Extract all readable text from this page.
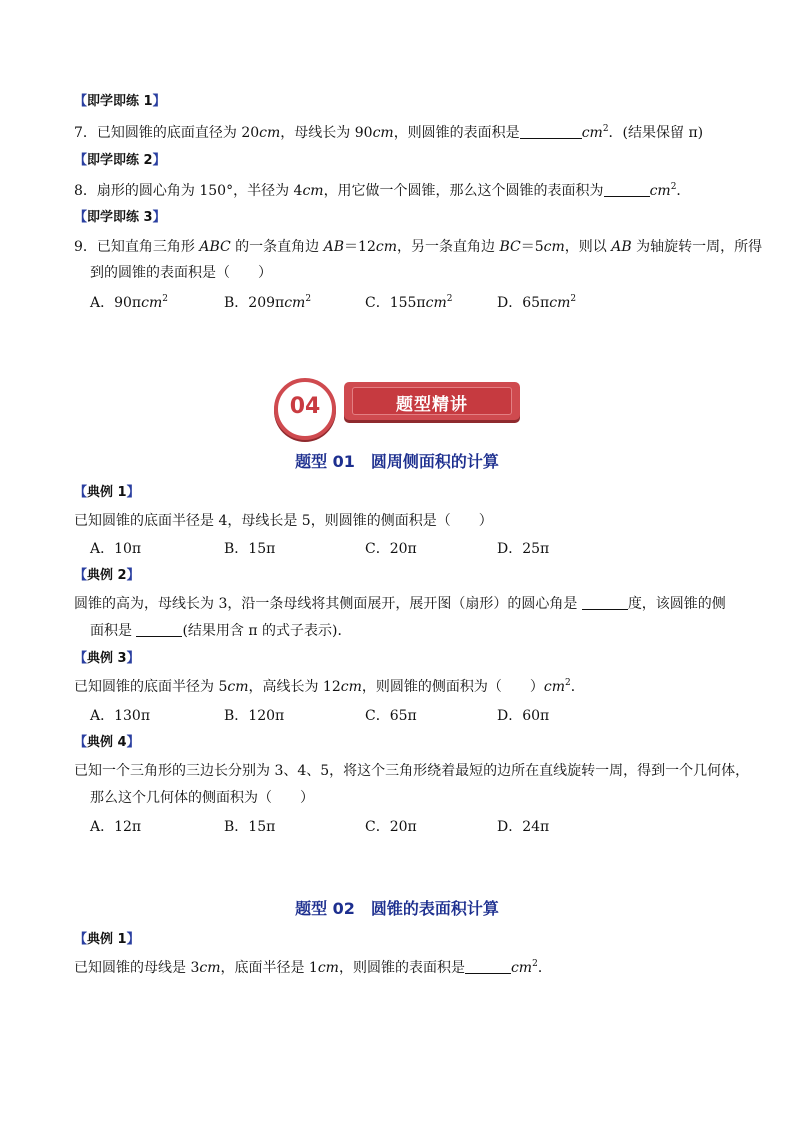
【即学即练 1】
7．已知圆锥的底面直径为 20cm，母线长为 90cm，则圆锥的表面积是	$cm^2$．(结果保留 π)
【即学即练 2】
8．扇形的圆心角为 150°，半径为 4cm，用它做一个圆锥，那么这个圆锥的表面积为	$cm^2$．
【即学即练 3】
9．已知直角三角形 ABC 的一条直角边 AB＝12cm，另一条直角边 BC＝5cm，则以 AB 为轴旋转一周，所得
到的圆锥的表面积是（　　）
A．90πcm$^2$	B．209πcm$^2$	C．155πcm$^2$	D．65πcm$^2$
题型精讲
04
题型 01　圆周侧面积的计算
【典例 1】
已知圆锥的底面半径是 4，母线长是 5，则圆锥的侧面积是（　　）
A．10π	B．15π	C．20π	D．25π
【典例 2】
圆锥的高为，母线长为 3，沿一条母线将其侧面展开，展开图（扇形）的圆心角是	度，该圆锥的侧
面积是	(结果用含 π 的式子表示)．
【典例 3】
已知圆锥的底面半径为 5cm，高线长为 12cm，则圆锥的侧面积为（　　）$cm^2$．
A．130π	B．120π	C．65π	D．60π
【典例 4】
已知一个三角形的三边长分别为 3、4、5，将这个三角形绕着最短的边所在直线旋转一周，得到一个几何体，
那么这个几何体的侧面积为（　　）
A．12π	B．15π	C．20π	D．24π
题型 02　圆锥的表面积计算
【典例 1】
已知圆锥的母线是 3cm，底面半径是 1cm，则圆锥的表面积是	$cm^2$．
